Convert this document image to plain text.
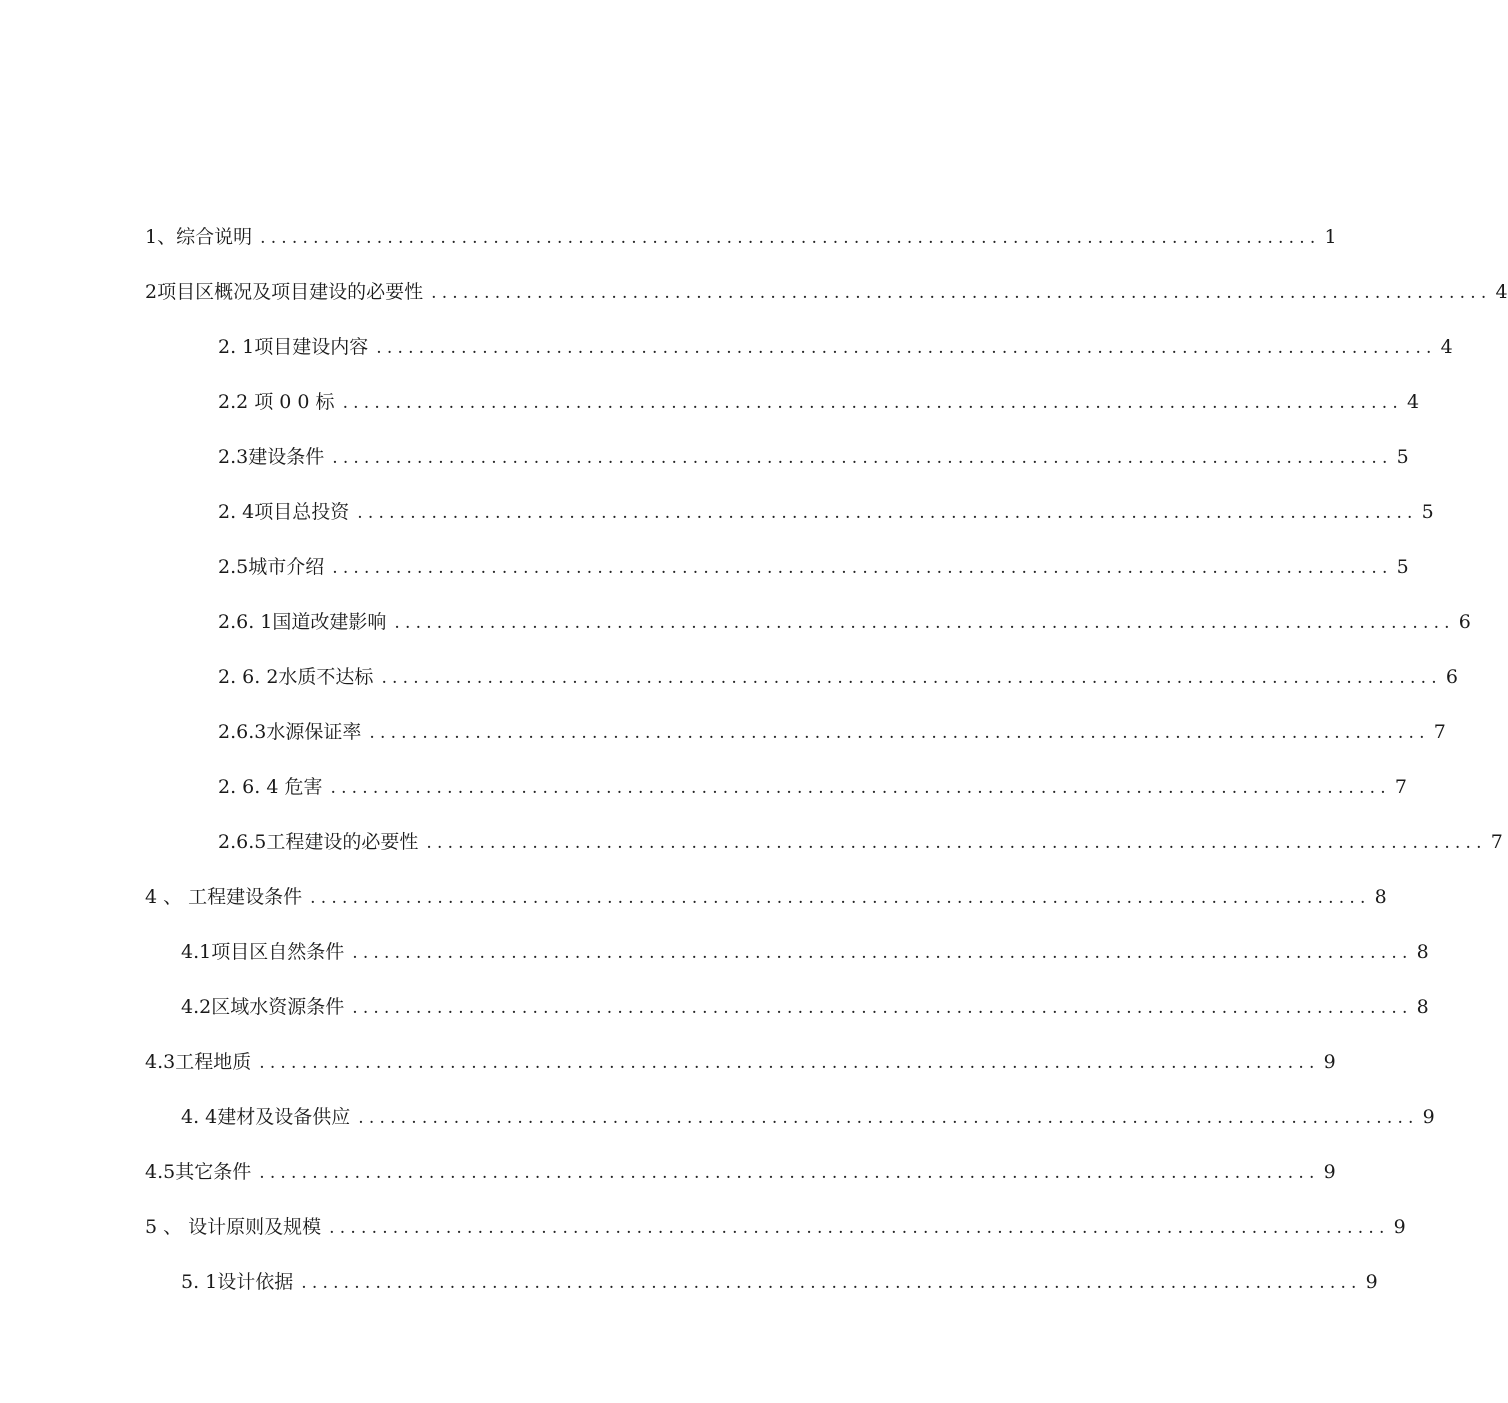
1、综合说明 .................................................................................................... 1
2项目区概况及项目建设的必要性 .................................................................................................... 4
2. 1项目建设内容 .................................................................................................... 4
2.2 项 0 0 标 .................................................................................................... 4
2.3建设条件 .................................................................................................... 5
2. 4项目总投资 .................................................................................................... 5
2.5城市介绍 .................................................................................................... 5
2.6. 1国道改建影响 .................................................................................................... 6
2. 6. 2水质不达标 .................................................................................................... 6
2.6.3水源保证率 .................................................................................................... 7
2. 6. 4 危害 .................................................................................................... 7
2.6.5工程建设的必要性 .................................................................................................... 7
4 、 工程建设条件 .................................................................................................... 8
4.1项目区自然条件 .................................................................................................... 8
4.2区域水资源条件 .................................................................................................... 8
4.3工程地质 .................................................................................................... 9
4. 4建材及设备供应 .................................................................................................... 9
4.5其它条件 .................................................................................................... 9
5 、 设计原则及规模 .................................................................................................... 9
5. 1设计依据 .................................................................................................... 9
